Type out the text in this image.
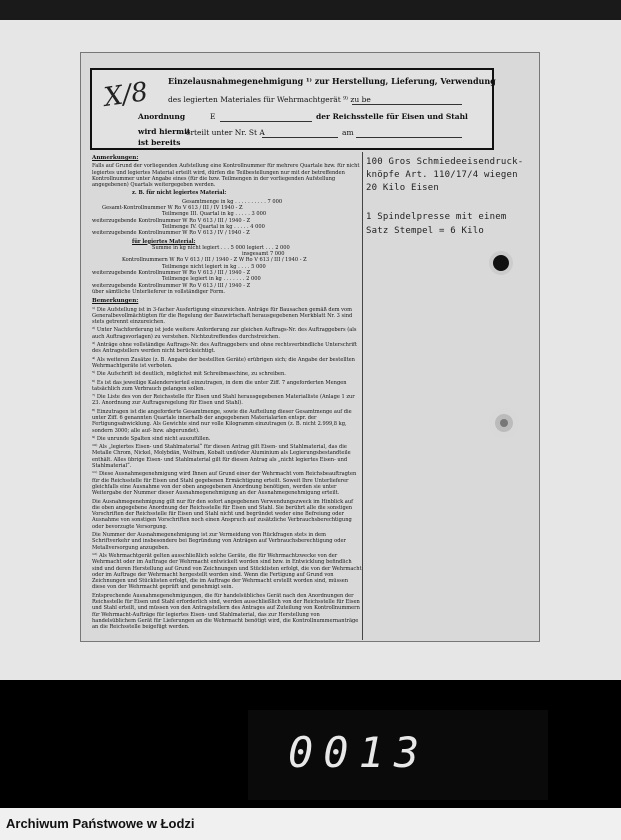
X/8 Einzelausnahmegenehmigung ¹⁾ zur Herstellung, Lieferung, Verwendung
des legierten Materiales für Wehrmachtgerät ⁹⁾ zu be
Anordnung	E	der Reichsstelle für Eisen und Stahl
wird hiermit
erteilt unter Nr. St A	am
ist bereits

Anmerkungen:

Falls auf Grund der vorliegenden Aufstellung eine Kontrollnummer für mehrere Quartale bzw. für nicht legiertes und legiertes Material erteilt wird, dürfen die Teilbestellungen nur mit der betreffenden Kontrollnummer unter Angabe eines (für die bzw. Teilmengen in der vorliegenden Aufstellung angegebenen) Quartals weitergegeben werden.

z. B. für nicht legiertes Material:

Gesamtmenge in kg . . . . . . . . . . 7 000

Gesamt-Kontrollnummer W Ro V 613 / III / IV 1940 - Z

Teilmenge III. Quartal in kg . . . . . 3 000

weiterzugebende Kontrollnummer W Ro V 613 / III / 1940 - Z

Teilmenge IV. Quartal in kg . . . . . 4 000

weiterzugebende Kontrollnummer W Ro V 613 / IV / 1940 - Z

für legiertes Material:

Summe in kg nicht legiert . . . 5 000 legiert . . . 2 000

insgesamt 7 000

Kontrollnummern W Ro V 613 / III / 1940 - Z W Ro V 613 / III / 1940 - Z

Teilmenge nicht legiert in kg . . . . 5 000

weiterzugebende Kontrollnummer W Ro V 613 / III / 1940 - Z

Teilmenge legiert in kg . . . . . . . 2 000

weiterzugebende Kontrollnummer W Ro V 613 / III / 1940 - Z

über sämtliche Unterlieferer in vollständiger Form.

Bemerkungen:

¹⁾ Die Aufstellung ist in 3-facher Ausfertigung einzureichen. Anträge für Bausachen gemäß dem vom Generalbevollmächtigten für die Regelung der Bauwirtschaft herausgegebenen Merkblatt Nr. 3 sind stets getrennt einzureichen.

²⁾ Unter Nachforderung ist jede weitere Anforderung zur gleichen Auftrags-Nr. des Auftraggebers (als auch Auftragsvorlagen) zu verstehen. Nichtzutreffendes durchstreichen.

³⁾ Anträge ohne vollständige Auftrags-Nr. des Auftraggebers und ohne rechtsverbindliche Unterschrift des Antragstellers werden nicht berücksichtigt.

⁴⁾ Als weiteren Zusätze (z. B. Angabe der bestellten Geräte) erübrigen sich; die Angabe der bestellten Wehrmachtgeräte ist verboten.

⁵⁾ Die Aufschrift ist deutlich, möglichst mit Schreibmaschine, zu schreiben.

⁶⁾ Es ist das jeweilige Kalendervierteil einzutragen, in dem die unter Ziff. 7 angeforderten Mengen tatsächlich zum Verbrauch gelangen sollen.

⁷⁾ Die Liste des von der Reichsstelle für Eisen und Stahl herausgegebenen Materialliste (Anlage 1 zur 23. Anordnung zur Auftragsregelung für Eisen und Stahl).

⁸⁾ Einzutragen ist die angeforderte Gesamtmenge, sowie die Aufteilung dieser Gesamtmenge auf die unter Ziff. 6 genannten Quartale innerhalb der angegebenen Materialarten entspr. der Fertigungsabwicklung. Als Gewichte sind nur volle Kilogramm einzutragen (z. B. nicht 2.999,8 kg, sondern 3000; alle auf- bzw. abgerundet).

⁹⁾ Die unrunde Spalten sind nicht auszufüllen.

¹⁰⁾ Als „legiertes Eisen- und Stahlmaterial“ für diesen Antrag gilt Eisen- und Stahlmaterial, das die Metalle Chrom, Nickel, Molybdän, Wolfram, Kobalt und/oder Aluminium als Legierungsbestandteile enthält. Alles übrige Eisen- und Stahlmaterial gilt für diesen Antrag als „nicht legiertes Eisen- und Stahlmaterial“.

¹¹⁾ Diese Ausnahmegenehmigung wird Ihnen auf Grund einer der Wehrmacht vom Reichsbeauftragten für die Reichsstelle für Eisen und Stahl gegebenen Ermächtigung erteilt. Soweit Ihre Unterlieferer gleichfalls eine Ausnahme von der oben angegebenen Anordnung benötigen, werden sie unter Weitergabe der Nummer dieser Ausnahmegenehmigung an der Ausnahmegenehmigung erteilt.

Die Ausnahmegenehmigung gilt nur für den sofort angegebenen Verwendungszweck im Hinblick auf die oben angegebene Anordnung der Reichsstelle für Eisen und Stahl. Sie berührt alle die sonstigen Vorschriften der Reichsstelle für Eisen und Stahl nicht und begründet weder eine Befreiung oder Ausnahme von sonstigen Vorschriften noch einen Anspruch auf zusätzliche Verbrauchsberechtigung oder bevorzugte Versorgung.

Die Nummer der Ausnahmegenehmigung ist zur Vermeidung von Rückfragen stets in dem Schriftverkehr und insbesondere bei Begründung von Anträgen auf Verbrauchsberechtigung oder Metallversorgung anzugeben.

¹²⁾ Als Wehrmachtgerät gelten ausschließlich solche Geräte, die für Wehrmachtzwecke von der Wehrmacht oder im Auftrage der Wehrmacht entwickelt worden sind bzw. in Entwicklung befindlich sind und deren Herstellung auf Grund von Zeichnungen und Stücklisten erfolgt, die von der Wehrmacht oder im Auftrage der Wehrmacht hergestellt worden sind. Wenn die Fertigung auf Grund von Zeichnungen und Stücklisten erfolgt, die im Auftrage der Wehrmacht erstellt worden sind, müssen diese von der Wehrmacht geprüft und genehmigt sein.

Entsprechende Ausnahmegenehmigungen, die für handelsübliches Gerät nach den Anordnungen der Reichsstelle für Eisen und Stahl erforderlich sind, werden ausschließlich von der Reichsstelle für Eisen und Stahl erteilt, und müssen von den Antragstellern des Antrages auf Zuteilung von Kontrollnummern für Wehrmacht-Aufträge für legiertes Eisen- und Stahlmaterial, das zur Herstellung von handelsüblichem Gerät für Lieferungen an die Wehrmacht benötigt wird, die Kontrollnummernanträge an die Reichsstelle beigefügt werden.

100 Gros Schmiedeeisendruck-
knöpfe Art. 110/17/4 wiegen
20 Kilo Eisen
1 Spindelpresse mit einem
Satz Stempel = 6 Kilo
0013
Archiwum Państwowe w Łodzi
